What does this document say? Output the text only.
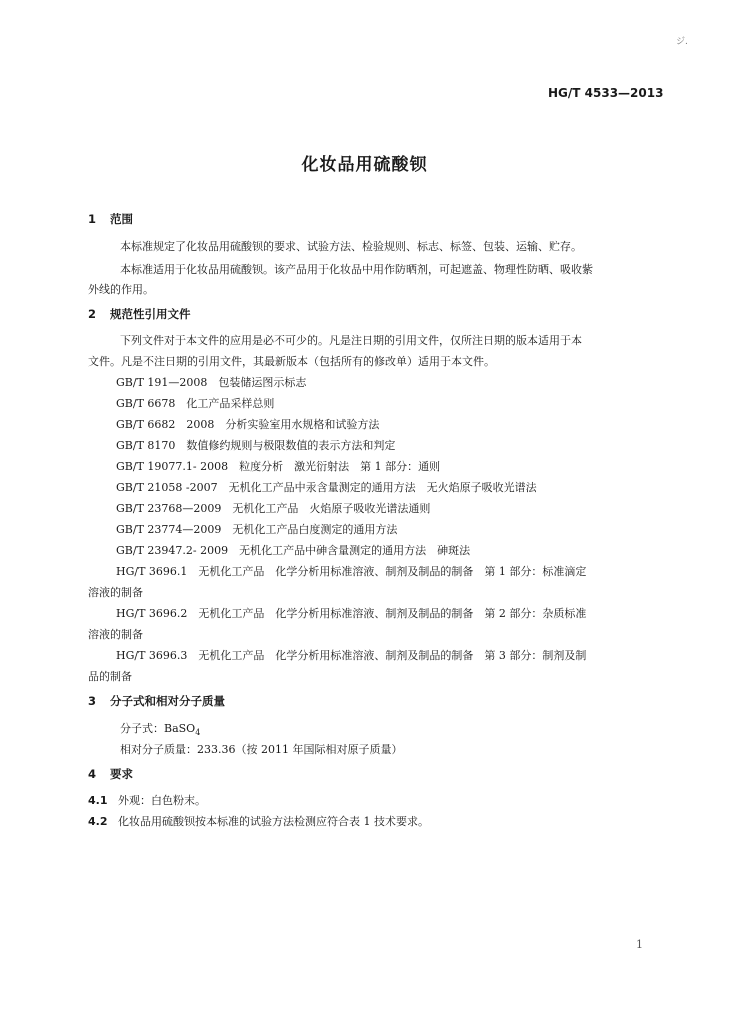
ジ.
HG/T 4533—2013
化妆品用硫酸钡
1 范围
本标准规定了化妆品用硫酸钡的要求、试验方法、检验规则、标志、标签、包装、运输、贮存。
本标准适用于化妆品用硫酸钡。该产品用于化妆品中用作防晒剂，可起遮盖、物理性防晒、吸收紫
外线的作用。
2 规范性引用文件
下列文件对于本文件的应用是必不可少的。凡是注日期的引用文件，仅所注日期的版本适用于本
文件。凡是不注日期的引用文件，其最新版本（包括所有的修改单）适用于本文件。
GB/T 191—2008　包装储运图示标志
GB/T 6678　化工产品采样总则
GB/T 6682　2008　分析实验室用水规格和试验方法
GB/T 8170　数值修约规则与极限数值的表示方法和判定
GB/T 19077.1- 2008　粒度分析　激光衍射法　第 1 部分：通则
GB/T 21058 -2007　无机化工产品中汞含量测定的通用方法　无火焰原子吸收光谱法
GB/T 23768—2009　无机化工产品　火焰原子吸收光谱法通则
GB/T 23774—2009　无机化工产品白度测定的通用方法
GB/T 23947.2- 2009　无机化工产品中砷含量测定的通用方法　砷斑法
HG/T 3696.1　无机化工产品　化学分析用标准溶液、制剂及制品的制备　第 1 部分：标准滴定
溶液的制备
HG/T 3696.2　无机化工产品　化学分析用标准溶液、制剂及制品的制备　第 2 部分：杂质标准
溶液的制备
HG/T 3696.3　无机化工产品　化学分析用标准溶液、制剂及制品的制备　第 3 部分：制剂及制
品的制备
3 分子式和相对分子质量
分子式：BaSO$_4$
相对分子质量：233.36（按 2011 年国际相对原子质量）
4 要求
4.1 外观：白色粉末。
4.2 化妆品用硫酸钡按本标准的试验方法检测应符合表 1 技术要求。
1
